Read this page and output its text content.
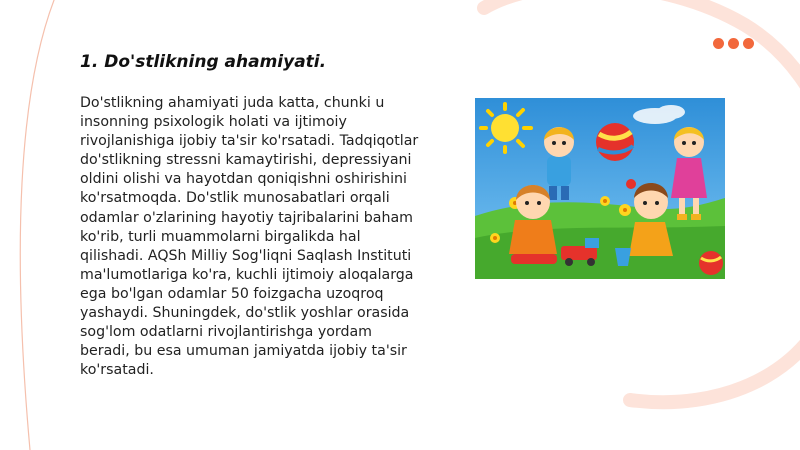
1. Do'stlikning ahamiyati.

Do'stlikning ahamiyati juda katta, chunki u insonning psixologik holati va ijtimoiy rivojlanishiga ijobiy ta'sir ko'rsatadi. Tadqiqotlar do'stlikning stressni kamaytirishi, depressiyani oldini olishi va hayotdan qoniqishni oshirishini ko'rsatmoqda. Do'stlik munosabatlari orqali odamlar o'zlarining hayotiy tajribalarini baham ko'rib, turli muammolarni birgalikda hal qilishadi. AQSh Milliy Sog'liqni Saqlash Instituti ma'lumotlariga ko'ra, kuchli ijtimoiy aloqalarga ega bo'lgan odamlar 50 foizgacha uzoqroq yashaydi. Shuningdek, do'stlik yoshlar orasida sog'lom odatlarni rivojlantirishga yordam beradi, bu esa umuman jamiyatda ijobiy ta'sir ko'rsatadi.
